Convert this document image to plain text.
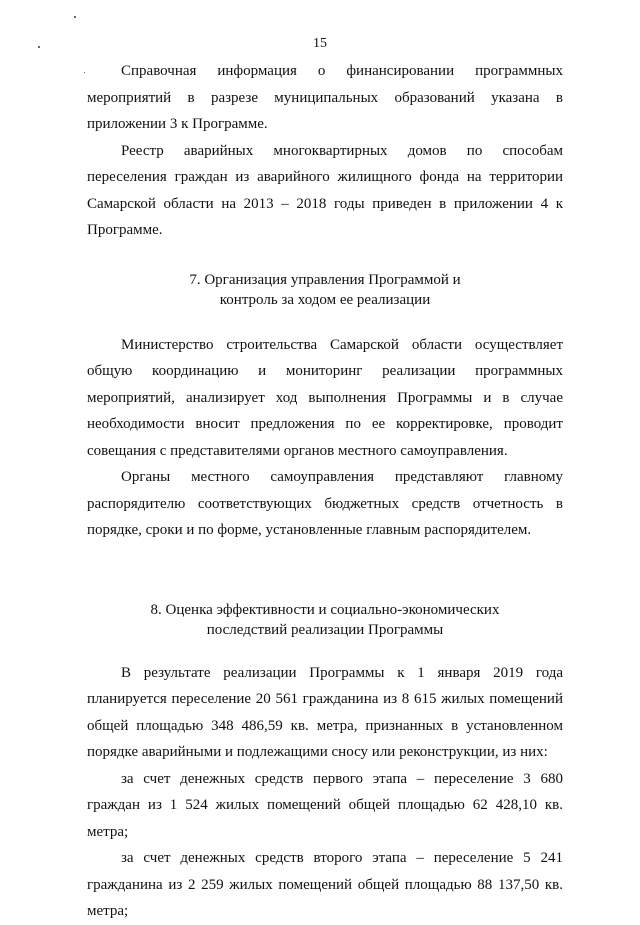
15

Справочная информация о финансировании программных мероприятий в разрезе муниципальных образований указана в приложении 3 к Программе.

Реестр аварийных многоквартирных домов по способам переселения граждан из аварийного жилищного фонда на территории Самарской области на 2013 – 2018 годы приведен в приложении 4 к Программе.

7. Организация управления Программой и
контроль за ходом ее реализации

Министерство строительства Самарской области осуществляет общую координацию и мониторинг реализации программных мероприятий, анализирует ход выполнения Программы и в случае необходимости вносит предложения по ее корректировке, проводит совещания с представителями органов местного самоуправления.

Органы местного самоуправления представляют главному распорядителю соответствующих бюджетных средств отчетность в порядке, сроки и по форме, установленные главным распорядителем.

8. Оценка эффективности и социально-экономических
последствий реализации Программы

В результате реализации Программы к 1 января 2019 года планируется переселение 20 561 гражданина из 8 615 жилых помещений общей площадью 348 486,59 кв. метра, признанных в установленном порядке аварийными и подлежащими сносу или реконструкции, из них:

за счет денежных средств первого этапа – переселение 3 680 граждан из 1 524 жилых помещений общей площадью 62 428,10 кв. метра;

за счет денежных средств второго этапа – переселение 5 241 гражданина из 2 259 жилых помещений общей площадью 88 137,50 кв. метра;
